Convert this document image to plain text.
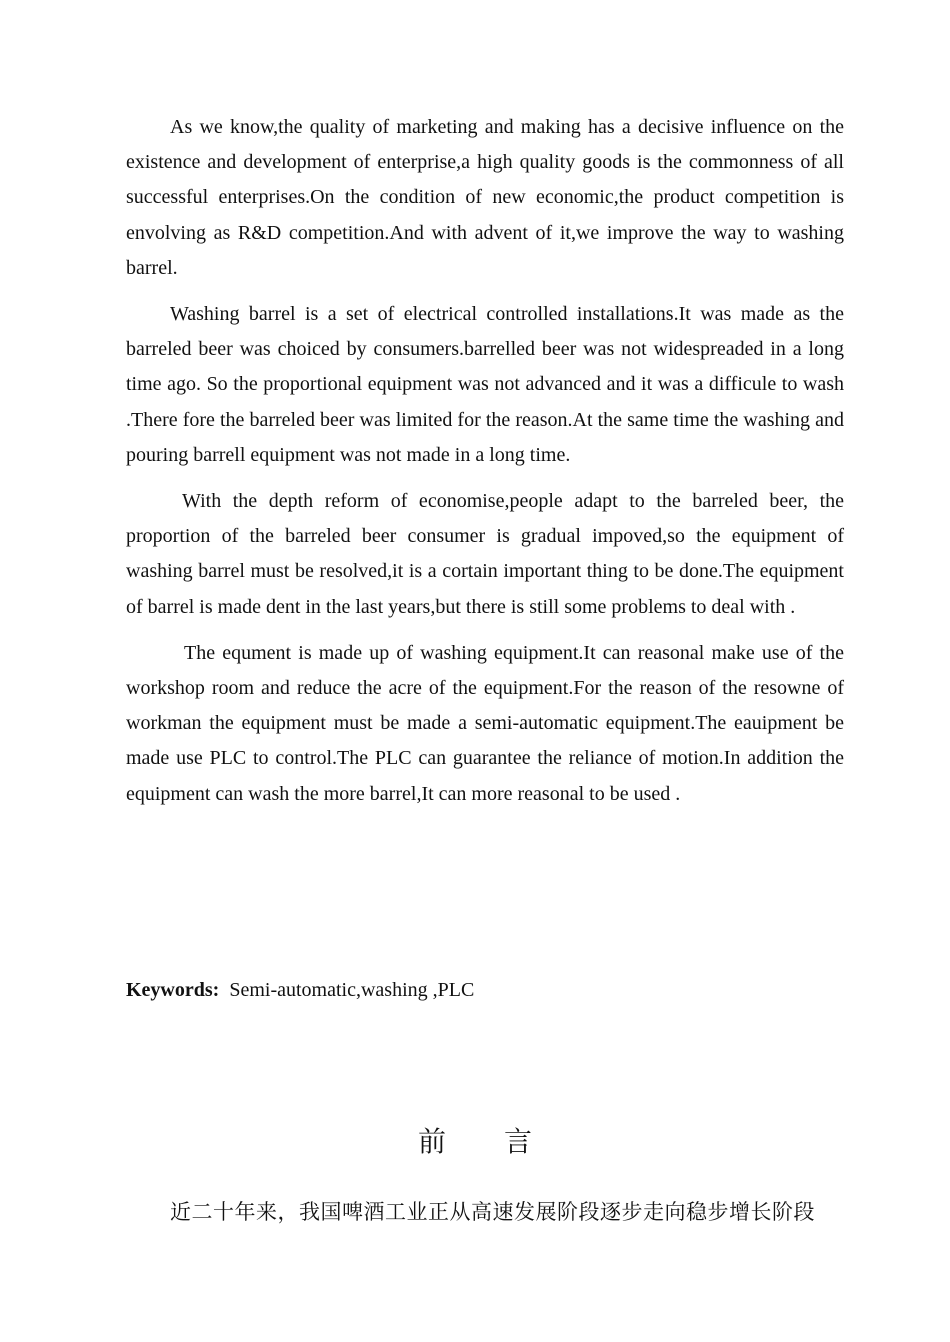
As we know,the quality of marketing and making has a decisive influence on the existence and development of enterprise,a high quality goods is the commonness of all successful enterprises.On the condition of new economic,the product competition is envolving as R&D competition.And with advent of it,we improve the way to washing barrel.

Washing barrel is a set of electrical controlled installations.It was made as the barreled beer was choiced by consumers.barrelled beer was not widespreaded in a long time ago. So the proportional equipment was not advanced and it was a difficule to wash .There fore the barreled beer was limited for the reason.At the same time the washing and pouring barrell equipment was not made in a long time.

With the depth reform of economise,people adapt to the barreled beer, the proportion of the barreled beer consumer is gradual impoved,so the equipment of washing barrel must be resolved,it is a cortain important thing to be done.The equipment of barrel is made dent in the last years,but there is still some problems to deal with .

The equment is made up of washing equipment.It can reasonal make use of the workshop room and reduce the acre of the equipment.For the reason of the resowne of workman the equipment must be made a semi-automatic equipment.The eauipment be made use PLC to control.The PLC can guarantee the reliance of motion.In addition the equipment can wash the more barrel,It can more reasonal to be used .

Keywords: Semi-automatic,washing ,PLC
前 言
近二十年来，我国啤酒工业正从高速发展阶段逐步走向稳步增长阶段
